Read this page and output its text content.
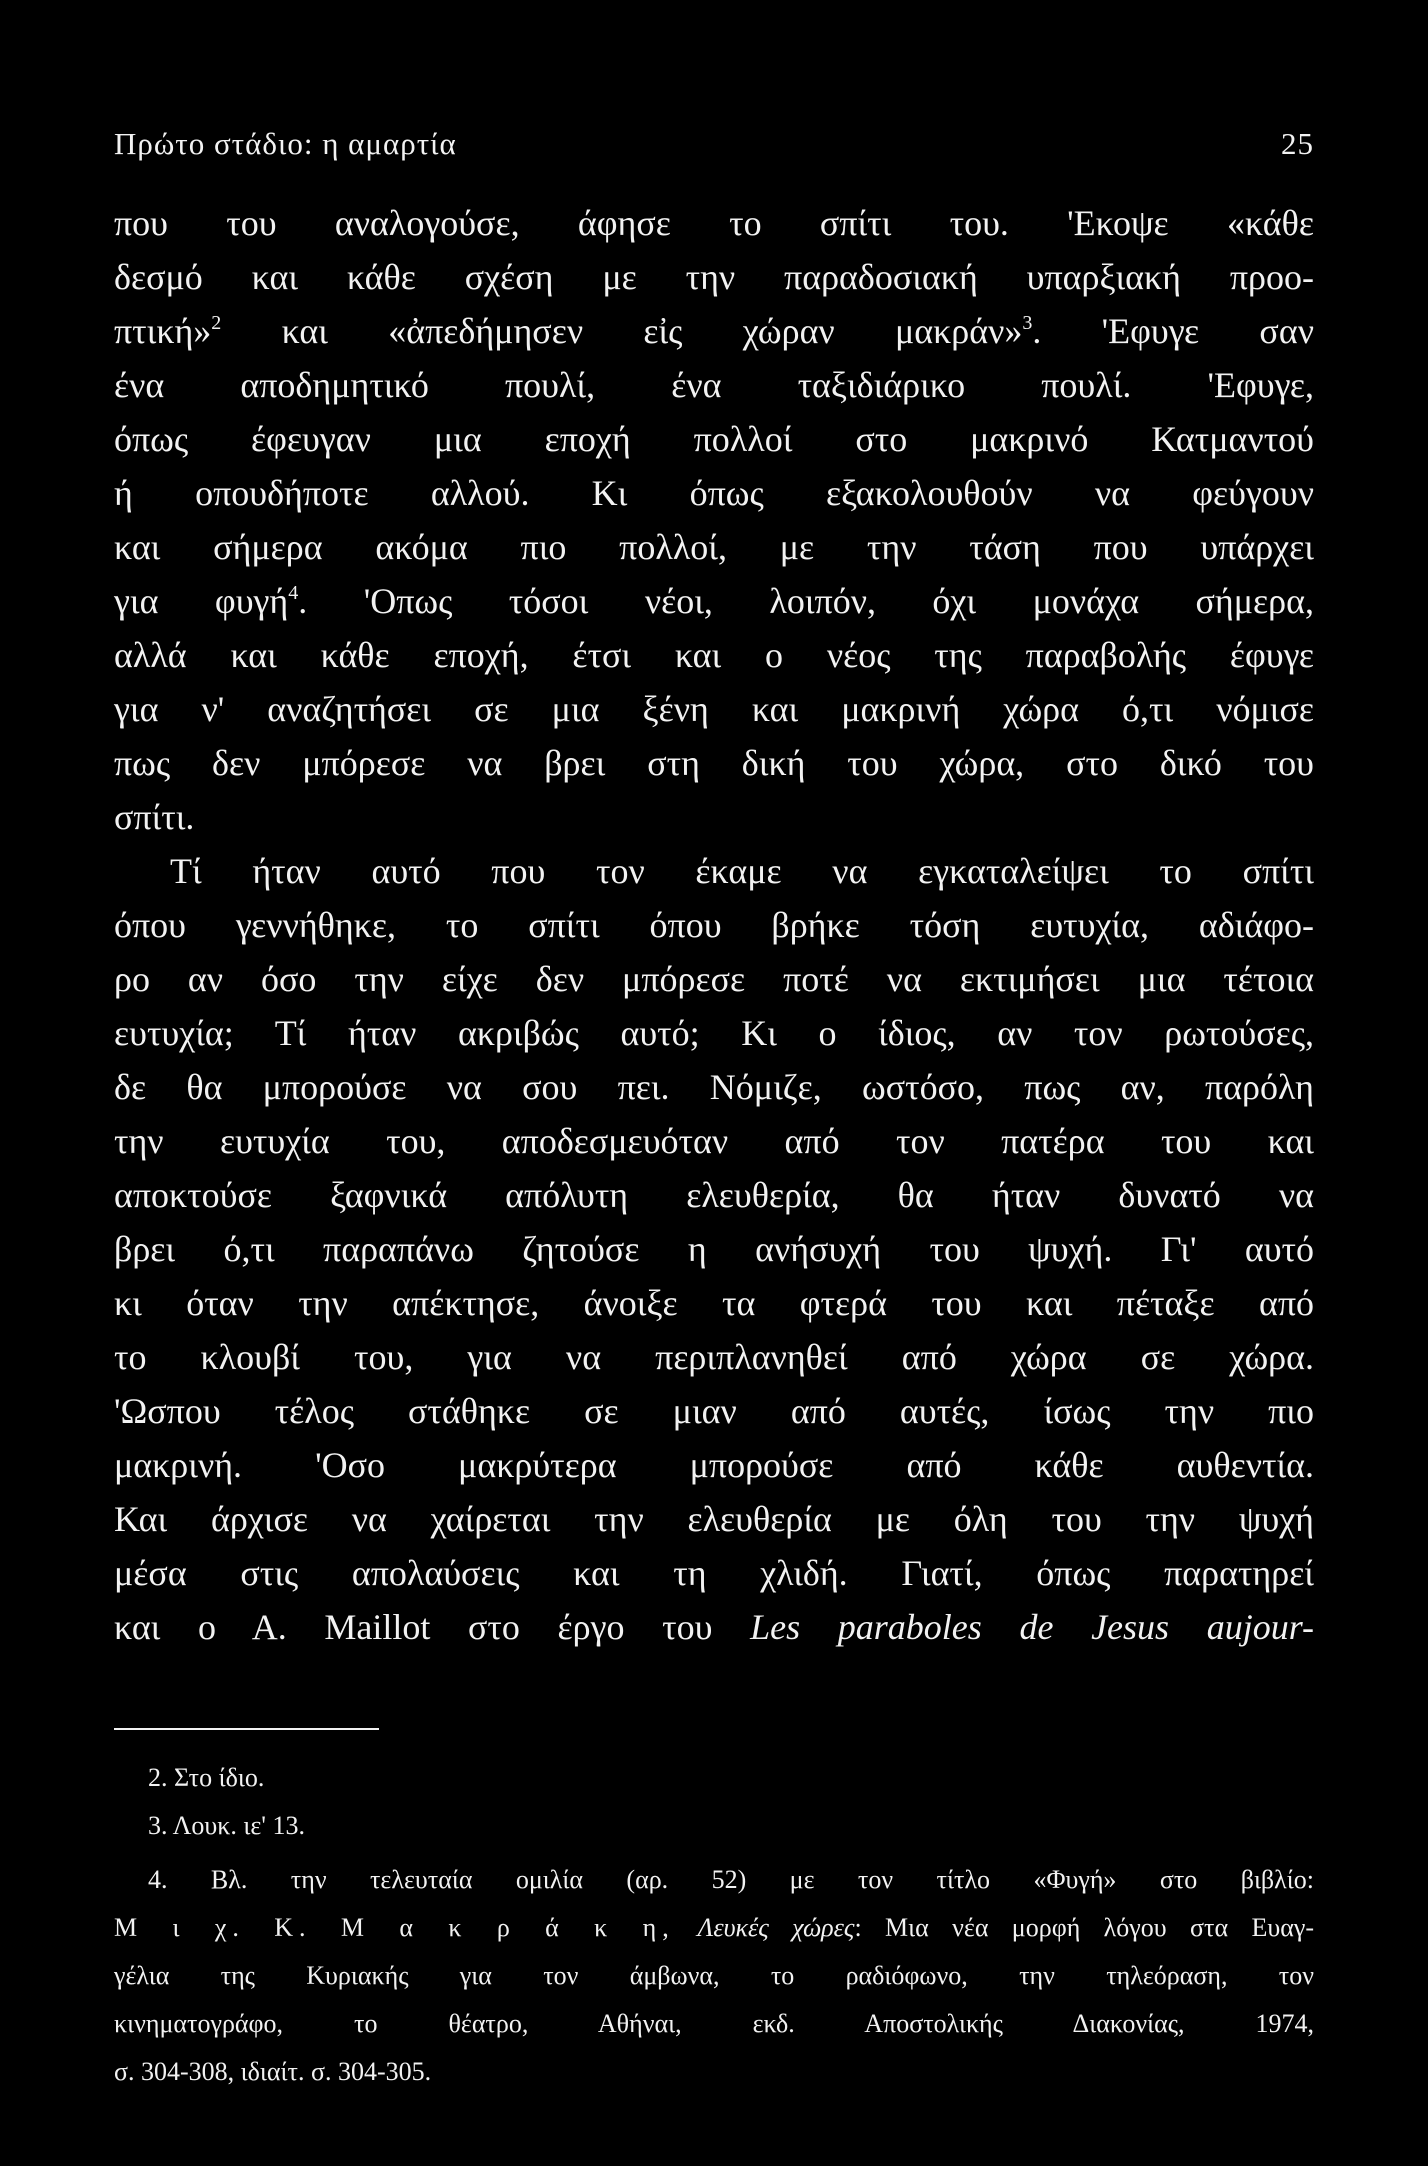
Πρώτο στάδιο: η αμαρτία	25
που του αναλογούσε, άφησε το σπίτι του. 'Εκοψε «κάθε
δεσμό και κάθε σχέση με την παραδοσιακή υπαρξιακή προο-
πτική»$^2$ και «ἀπεδήμησεν εἰς χώραν μακράν»$^3$. 'Εφυγε σαν
ένα αποδημητικό πουλί, ένα ταξιδιάρικο πουλί. 'Εφυγε,
όπως έφευγαν μια εποχή πολλοί στο μακρινό Κατμαντού
ή οπουδήποτε αλλού. Κι όπως εξακολουθούν να φεύγουν
και σήμερα ακόμα πιο πολλοί, με την τάση που υπάρχει
για φυγή$^4$. 'Οπως τόσοι νέοι, λοιπόν, όχι μονάχα σήμερα,
αλλά και κάθε εποχή, έτσι και ο νέος της παραβολής έφυγε
για ν' αναζητήσει σε μια ξένη και μακρινή χώρα ό,τι νόμισε
πως δεν μπόρεσε να βρει στη δική του χώρα, στο δικό του
σπίτι.
Τί ήταν αυτό που τον έκαμε να εγκαταλείψει το σπίτι
όπου γεννήθηκε, το σπίτι όπου βρήκε τόση ευτυχία, αδιάφο-
ρο αν όσο την είχε δεν μπόρεσε ποτέ να εκτιμήσει μια τέτοια
ευτυχία; Τί ήταν ακριβώς αυτό; Κι ο ίδιος, αν τον ρωτούσες,
δε θα μπορούσε να σου πει. Νόμιζε, ωστόσο, πως αν, παρόλη
την ευτυχία του, αποδεσμευόταν από τον πατέρα του και
αποκτούσε ξαφνικά απόλυτη ελευθερία, θα ήταν δυνατό να
βρει ό,τι παραπάνω ζητούσε η ανήσυχή του ψυχή. Γι' αυτό
κι όταν την απέκτησε, άνοιξε τα φτερά του και πέταξε από
το κλουβί του, για να περιπλανηθεί από χώρα σε χώρα.
'Ωσπου τέλος στάθηκε σε μιαν από αυτές, ίσως την πιο
μακρινή. 'Οσο μακρύτερα μπορούσε από κάθε αυθεντία.
Και άρχισε να χαίρεται την ελευθερία με όλη του την ψυχή
μέσα στις απολαύσεις και τη χλιδή. Γιατί, όπως παρατηρεί
και ο Α. Maillot στο έργο του Les paraboles de Jesus aujour-
2. Στο ίδιο.
3. Λουκ. ιε' 13.
4. Βλ. την τελευταία ομιλία (αρ. 52) με τον τίτλο «Φυγή» στο βιβλίο:
Μ ι χ. Κ. Μ α κ ρ ά κ η, Λευκές χώρες: Μια νέα μορφή λόγου στα Ευαγ-
γέλια της Κυριακής για τον άμβωνα, το ραδιόφωνο, την τηλεόραση, τον
κινηματογράφο, το θέατρο, Αθήναι, εκδ. Αποστολικής Διακονίας, 1974,
σ. 304-308, ιδιαίτ. σ. 304-305.
